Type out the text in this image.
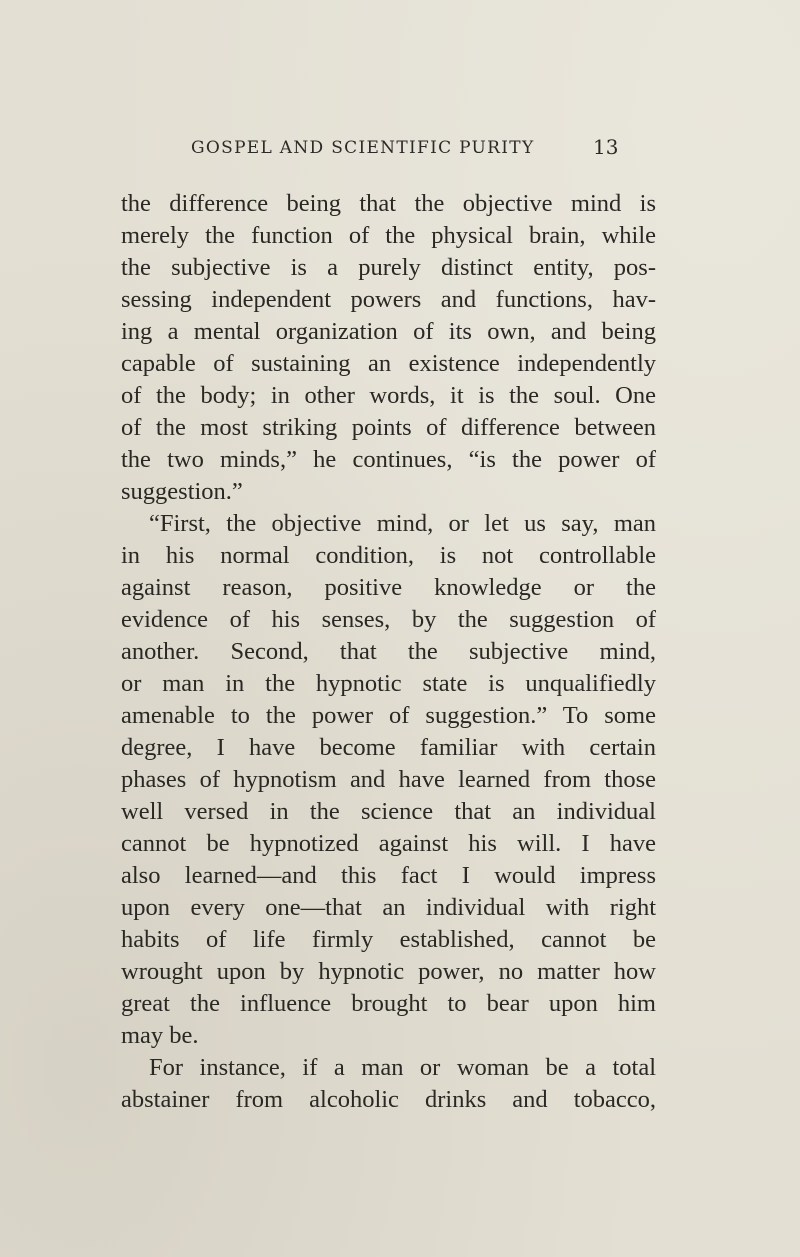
GOSPEL AND SCIENTIFIC PURITY	13
the difference being that the objective mind is
merely the function of the physical brain, while
the subjective is a purely distinct entity, pos-
sessing independent powers and functions, hav-
ing a mental organization of its own, and being
capable of sustaining an existence independently
of the body; in other words, it is the soul. One
of the most striking points of difference between
the two minds,” he continues, “is the power of
suggestion.”
“First, the objective mind, or let us say, man
in his normal condition, is not controllable
against reason, positive knowledge or the
evidence of his senses, by the suggestion of
another. Second, that the subjective mind,
or man in the hypnotic state is unqualifiedly
amenable to the power of suggestion.” To some
degree, I have become familiar with certain
phases of hypnotism and have learned from those
well versed in the science that an individual
cannot be hypnotized against his will. I have
also learned—and this fact I would impress
upon every one—that an individual with right
habits of life firmly established, cannot be
wrought upon by hypnotic power, no matter how
great the influence brought to bear upon him
may be.
For instance, if a man or woman be a total
abstainer from alcoholic drinks and tobacco,
